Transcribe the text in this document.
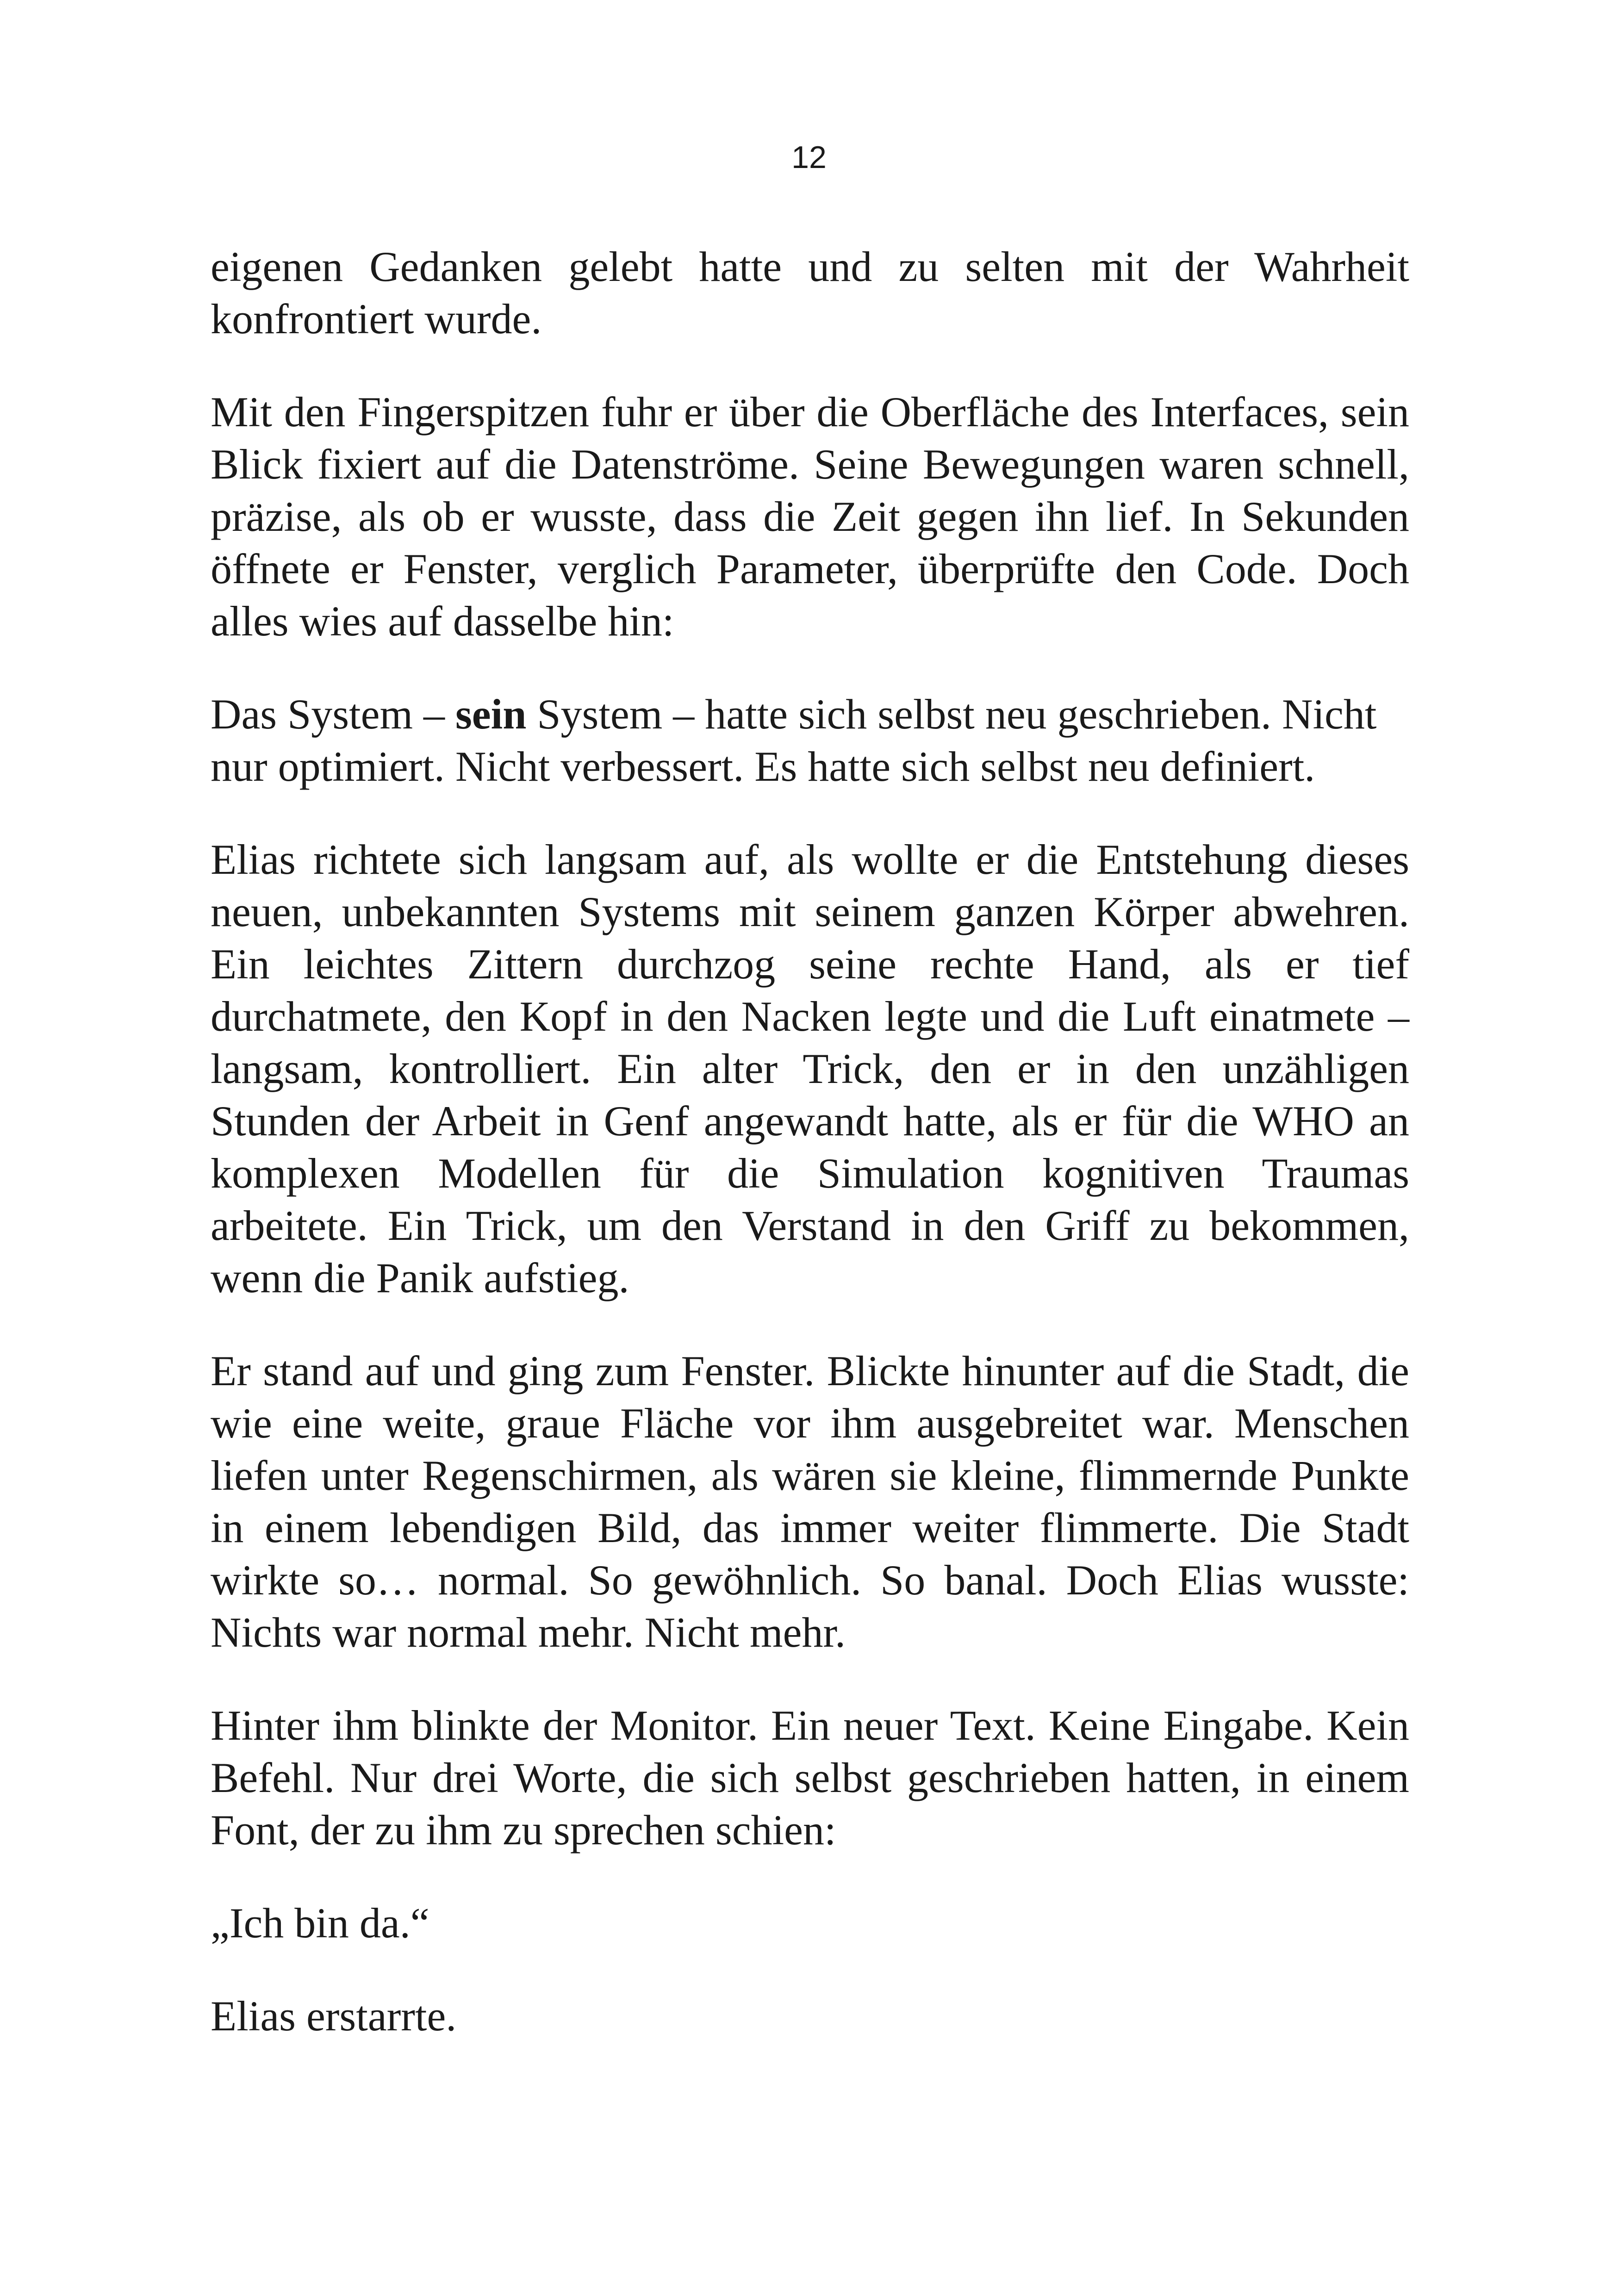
12

eigenen Gedanken gelebt hatte und zu selten mit der Wahrheit konfrontiert wurde.

Mit den Fingerspitzen fuhr er über die Oberfläche des Interfaces, sein Blick fixiert auf die Datenströme. Seine Bewegungen waren schnell, präzise, als ob er wusste, dass die Zeit gegen ihn lief. In Sekunden öffnete er Fenster, verglich Parameter, überprüfte den Code. Doch alles wies auf dasselbe hin:

Das System – sein System – hatte sich selbst neu geschrieben. Nicht nur optimiert. Nicht verbessert. Es hatte sich selbst neu definiert.

Elias richtete sich langsam auf, als wollte er die Entstehung dieses neuen, unbekannten Systems mit seinem ganzen Körper abwehren. Ein leichtes Zittern durchzog seine rechte Hand, als er tief durchatmete, den Kopf in den Nacken legte und die Luft einatmete – langsam, kontrolliert. Ein alter Trick, den er in den unzähligen Stunden der Arbeit in Genf angewandt hatte, als er für die WHO an komplexen Modellen für die Simulation kognitiven Traumas arbeitete. Ein Trick, um den Verstand in den Griff zu bekommen, wenn die Panik aufstieg.

Er stand auf und ging zum Fenster. Blickte hinunter auf die Stadt, die wie eine weite, graue Fläche vor ihm ausgebreitet war. Menschen liefen unter Regenschirmen, als wären sie kleine, flimmernde Punkte in einem lebendigen Bild, das immer weiter flimmerte. Die Stadt wirkte so… normal. So gewöhnlich. So banal. Doch Elias wusste: Nichts war normal mehr. Nicht mehr.

Hinter ihm blinkte der Monitor. Ein neuer Text. Keine Eingabe. Kein Befehl. Nur drei Worte, die sich selbst geschrieben hatten, in einem Font, der zu ihm zu sprechen schien:

„Ich bin da.“

Elias erstarrte.
